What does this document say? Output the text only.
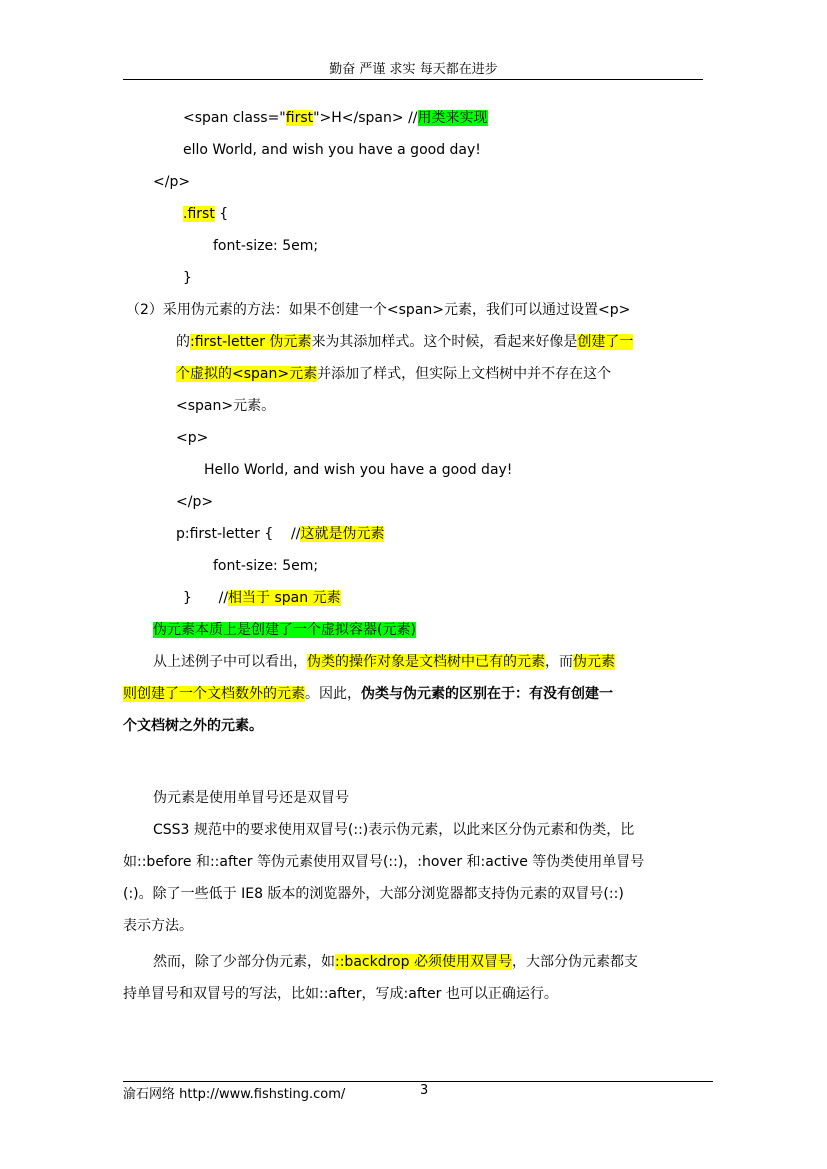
勤奋 严谨 求实 每天都在进步
<span class="first">H</span> //用类来实现
ello World, and wish you have a good day!
</p>
.first {
font-size: 5em;
}
（2）采用伪元素的方法：如果不创建一个<span>元素，我们可以通过设置<p>
的:first-letter 伪元素来为其添加样式。这个时候，看起来好像是创建了一
个虚拟的<span>元素并添加了样式，但实际上文档树中并不存在这个
<span>元素。
<p>
Hello World, and wish you have a good day!
</p>
p:first-letter {    //这就是伪元素
font-size: 5em;
}      //相当于 span 元素
伪元素本质上是创建了一个虚拟容器(元素)
从上述例子中可以看出，伪类的操作对象是文档树中已有的元素，而伪元素
则创建了一个文档数外的元素。因此，伪类与伪元素的区别在于：有没有创建一
个文档树之外的元素。
伪元素是使用单冒号还是双冒号
CSS3 规范中的要求使用双冒号(::)表示伪元素，以此来区分伪元素和伪类，比
如::before 和::after 等伪元素使用双冒号(::)，:hover 和:active 等伪类使用单冒号
(:)。除了一些低于 IE8 版本的浏览器外，大部分浏览器都支持伪元素的双冒号(::)
表示方法。
然而，除了少部分伪元素，如::backdrop 必须使用双冒号，大部分伪元素都支
持单冒号和双冒号的写法，比如::after，写成:after 也可以正确运行。
渝石网络 http://www.fishsting.com/	3
